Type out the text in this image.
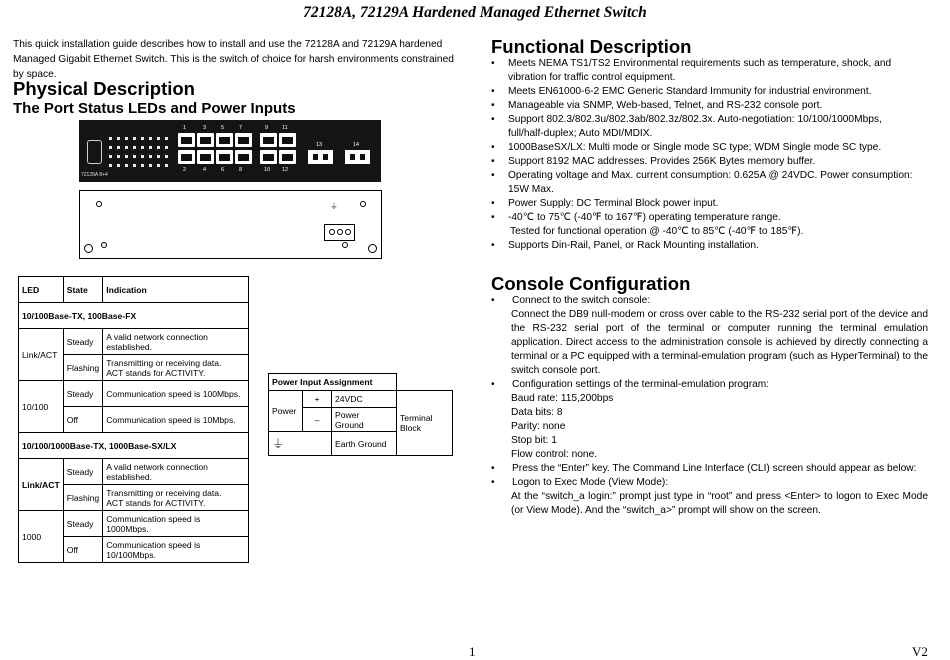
72128A, 72129A Hardened Managed Ethernet Switch
This quick installation guide describes how to install and use the 72128A and 72129A hardened Managed Gigabit Ethernet Switch. This is the switch of choice for harsh environments constrained by space.
Physical Description
The Port Status LEDs and Power Inputs
72128A 8+4
1	3	5	7	9	11
2	4	6	8	10 12
13	14
⏚
LED	State	Indication
10/100Base-TX, 100Base-FX		
Link/ACT	Steady	A valid network connection established.
	Flashing	Transmitting or receiving data.
ACT stands for ACTIVITY.
10/100	Steady	Communication speed is 100Mbps.
	Off	Communication speed is 10Mbps.
10/100/1000Base-TX, 1000Base-SX/LX		
Link/ACT	Steady	A valid network connection established.
	Flashing	Transmitting or receiving data.
ACT stands for ACTIVITY.
1000	Steady	Communication speed is 1000Mbps.
	Off	Communication speed is 10/100Mbps.
Power Input Assignment			
Power	+	24VDC	Terminal
Block
	–	Power
Ground	
⏚		Earth Ground	
Functional Description
• Meets NEMA TS1/TS2 Environmental requirements such as temperature, shock, and vibration for traffic control equipment.
• Meets EN61000-6-2 EMC Generic Standard Immunity for industrial environment.
• Manageable via SNMP, Web-based, Telnet, and RS-232 console port.
• Support 802.3/802.3u/802.3ab/802.3z/802.3x. Auto-negotiation: 10/100/1000Mbps, full/half-duplex; Auto MDI/MDIX.
• 1000BaseSX/LX: Multi mode or Single mode SC type; WDM Single mode SC type.
• Support 8192 MAC addresses. Provides 256K Bytes memory buffer.
• Operating voltage and Max. current consumption: 0.625A @ 24VDC. Power consumption: 15W Max.
• Power Supply: DC Terminal Block power input.
• -40℃ to 75℃ (-40℉ to 167℉) operating temperature range.
Tested for functional operation @ -40℃ to 85℃ (-40℉ to 185℉).
• Supports Din-Rail, Panel, or Rack Mounting installation.
Console Configuration
• Connect to the switch console:
Connect the DB9 null-modem or cross over cable to the RS-232 serial port of the device and the RS-232 serial port of the terminal or computer running the terminal emulation application. Direct access to the administration console is achieved by directly connecting a terminal or a PC equipped with a terminal-emulation program (such as HyperTerminal) to the switch console port.
• Configuration settings of the terminal-emulation program:
Baud rate: 115,200bps
Data bits: 8
Parity: none
Stop bit: 1
Flow control: none.
• Press the “Enter” key. The Command Line Interface (CLI) screen should appear as below:
• Logon to Exec Mode (View Mode):
At the “switch_a login:” prompt just type in “root” and press <Enter> to logon to Exec Mode (or View Mode). And the “switch_a>” prompt will show on the screen.
1	V2
